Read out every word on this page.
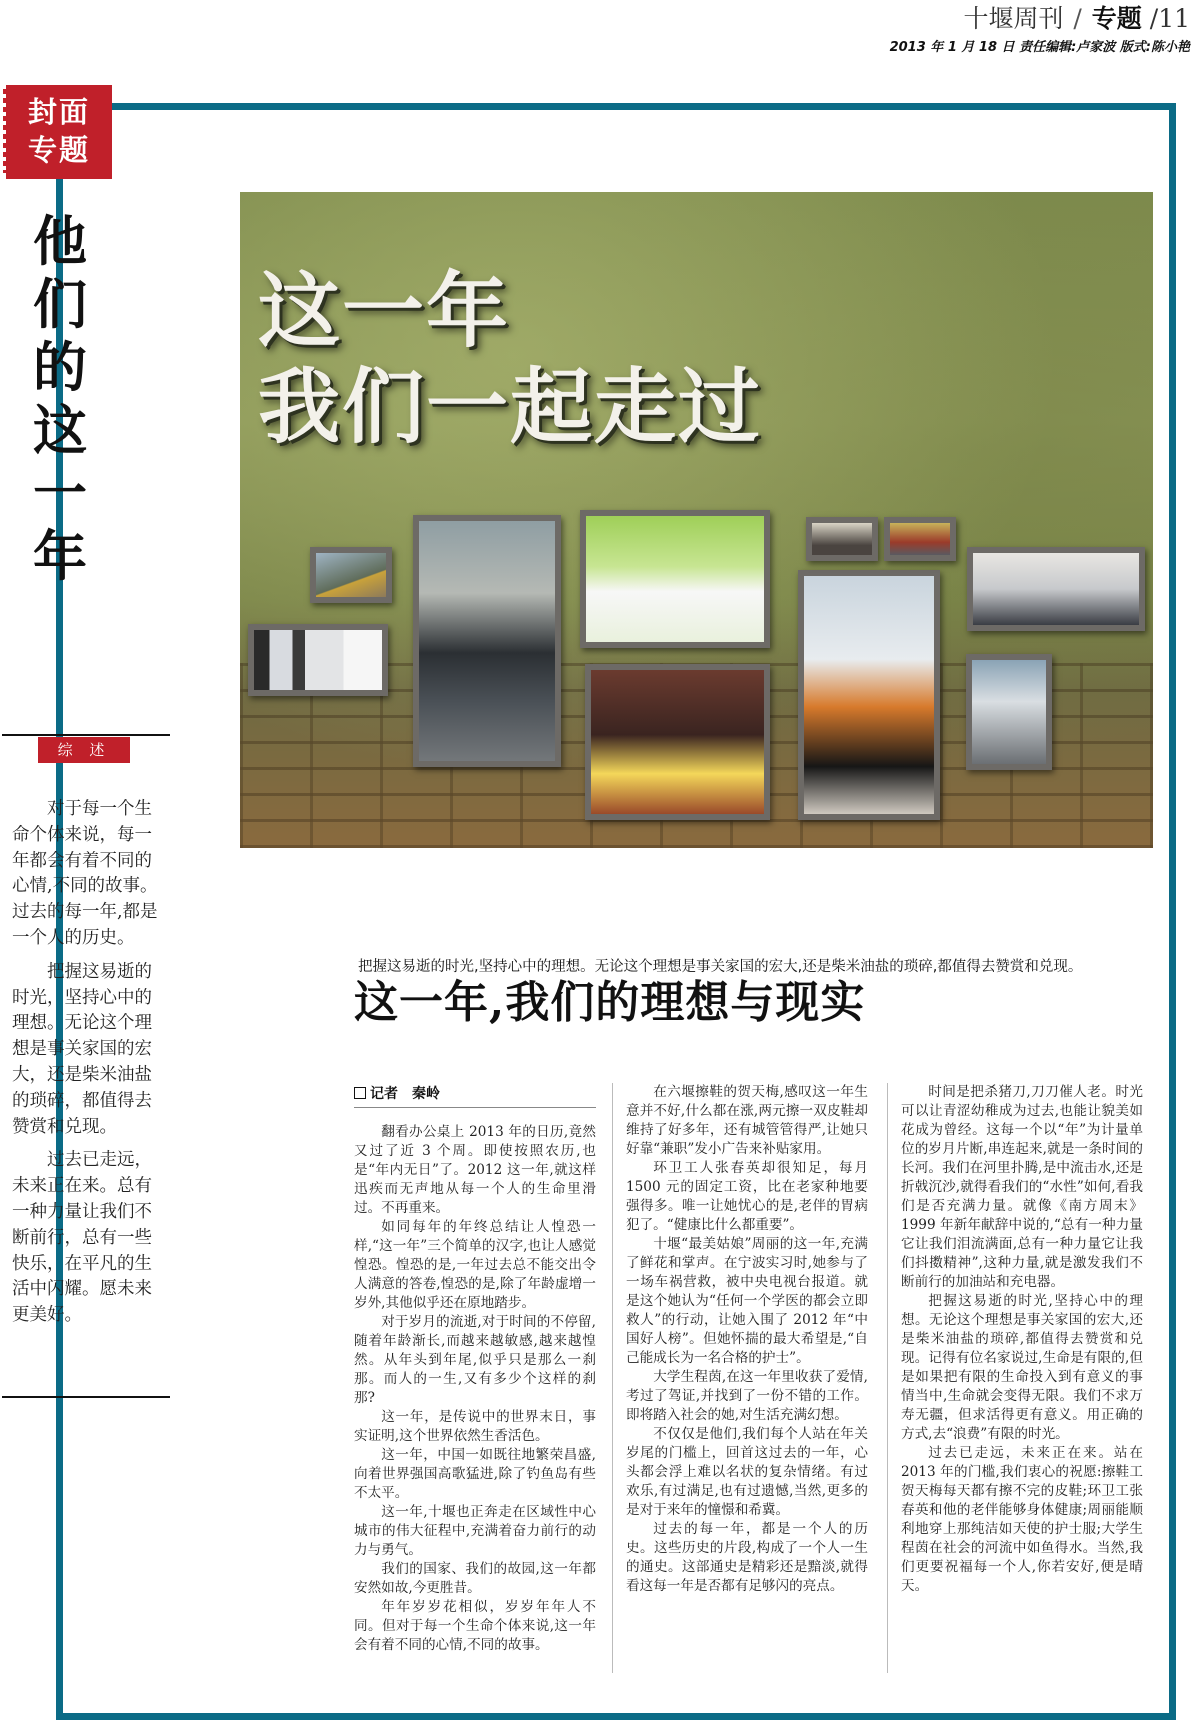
十堰周刊 / 专题 /11
2013 年 1 月 18 日 责任编辑:卢家波 版式:陈小艳
封面
专题
他
们
的
这
一
年
综 述

对于每一个生命个体来说，每一年都会有着不同的心情,不同的故事。过去的每一年,都是一个人的历史。

把握这易逝的时光，坚持心中的理想。无论这个理想是事关家国的宏大，还是柴米油盐的琐碎，都值得去赞赏和兑现。

过去已走远，未来正在来。总有一种力量让我们不断前行，总有一些快乐，在平凡的生活中闪耀。愿未来更美好。

这一年
我们一起走过
把握这易逝的时光,坚持心中的理想。无论这个理想是事关家国的宏大,还是柴米油盐的琐碎,都值得去赞赏和兑现。
这一年,我们的理想与现实
记者　秦岭

翻看办公桌上 2013 年的日历,竟然又过了近 3 个周。即使按照农历,也是“年内无日”了。2012 这一年,就这样迅疾而无声地从每一个人的生命里滑过。不再重来。

如同每年的年终总结让人惶恐一样,“这一年”三个简单的汉字,也让人感觉惶恐。惶恐的是,一年过去总不能交出令人满意的答卷,惶恐的是,除了年龄虚增一岁外,其他似乎还在原地踏步。

对于岁月的流逝,对于时间的不停留,随着年龄渐长,而越来越敏感,越来越惶然。从年头到年尾,似乎只是那么一刹那。而人的一生,又有多少个这样的刹那?

这一年，是传说中的世界末日，事实证明,这个世界依然生香活色。

这一年，中国一如既往地繁荣昌盛,向着世界强国高歌猛进,除了钓鱼岛有些不太平。

这一年,十堰也正奔走在区域性中心城市的伟大征程中,充满着奋力前行的动力与勇气。

我们的国家、我们的故园,这一年都安然如故,今更胜昔。

年年岁岁花相似，岁岁年年人不同。但对于每一个生命个体来说,这一年会有着不同的心情,不同的故事。

在六堰擦鞋的贺天梅,感叹这一年生意并不好,什么都在涨,两元擦一双皮鞋却维持了好多年，还有城管管得严,让她只好靠“兼职”发小广告来补贴家用。

环卫工人张春英却很知足，每月 1500 元的固定工资，比在老家种地要强得多。唯一让她忧心的是,老伴的胃病犯了。“健康比什么都重要”。

十堰“最美姑娘”周丽的这一年,充满了鲜花和掌声。在宁波实习时,她参与了一场车祸营救，被中央电视台报道。就是这个她认为“任何一个学医的都会立即救人”的行动，让她入围了 2012 年“中国好人榜”。但她怀揣的最大希望是,“自己能成长为一名合格的护士”。

大学生程茵,在这一年里收获了爱情,考过了驾证,并找到了一份不错的工作。即将踏入社会的她,对生活充满幻想。

不仅仅是他们,我们每个人站在年关岁尾的门槛上，回首这过去的一年，心头都会浮上难以名状的复杂情绪。有过欢乐,有过满足,也有过遗憾,当然,更多的是对于来年的憧憬和希冀。

过去的每一年，都是一个人的历史。这些历史的片段,构成了一个人一生的通史。这部通史是精彩还是黯淡,就得看这每一年是否都有足够闪的亮点。

时间是把杀猪刀,刀刀催人老。时光可以让青涩幼稚成为过去,也能让貌美如花成为曾经。这每一个以“年”为计量单位的岁月片断,串连起来,就是一条时间的长河。我们在河里扑腾,是中流击水,还是折戟沉沙,就得看我们的“水性”如何,看我们是否充满力量。就像《南方周末》1999 年新年献辞中说的,“总有一种力量它让我们泪流满面,总有一种力量它让我们抖擞精神”,这种力量,就是激发我们不断前行的加油站和充电器。

把握这易逝的时光,坚持心中的理想。无论这个理想是事关家国的宏大,还是柴米油盐的琐碎,都值得去赞赏和兑现。记得有位名家说过,生命是有限的,但是如果把有限的生命投入到有意义的事情当中,生命就会变得无限。我们不求万寿无疆，但求活得更有意义。用正确的方式,去“浪费”有限的时光。

过去已走远，未来正在来。站在 2013 年的门槛,我们衷心的祝愿:擦鞋工贺天梅每天都有擦不完的皮鞋;环卫工张春英和他的老伴能够身体健康;周丽能顺利地穿上那纯洁如天使的护士服;大学生程茵在社会的河流中如鱼得水。当然,我们更要祝福每一个人,你若安好,便是晴天。
